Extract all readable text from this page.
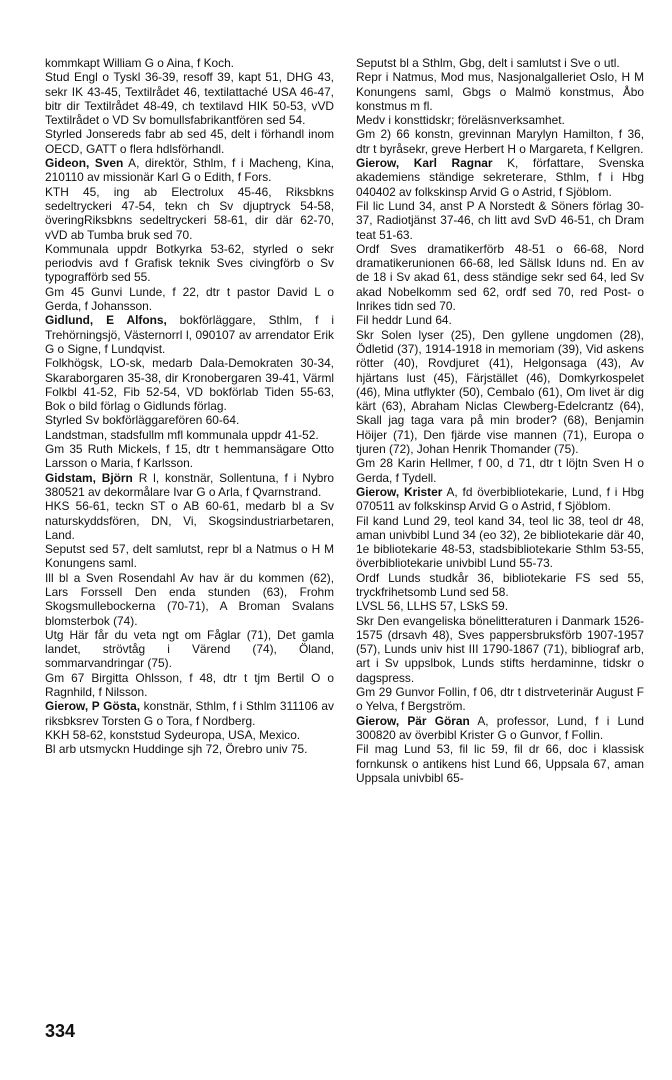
kommkapt William G o Aina, f Koch.

Stud Engl o Tyskl 36-39, resoff 39, kapt 51, DHG 43, sekr IK 43-45, Textilrådet 46, textilattaché USA 46-47, bitr dir Textilrådet 48-49, ch textilavd HIK 50-53, vVD Textilrådet o VD Sv bomullsfabrikantfören sed 54.

Styrled Jonsereds fabr ab sed 45, delt i förhandl inom OECD, GATT o flera hdlsförhandl.

Gideon, Sven A, direktör, Sthlm, f i Macheng, Kina, 210110 av missionär Karl G o Edith, f Fors.

KTH 45, ing ab Electrolux 45-46, Riksbkns sedeltryckeri 47-54, tekn ch Sv djuptryck 54-58, överingRiksbkns sedeltryckeri 58-61, dir där 62-70, vVD ab Tumba bruk sed 70.

Kommunala uppdr Botkyrka 53-62, styrled o sekr periodvis avd f Grafisk teknik Sves civingförb o Sv typografförb sed 55.

Gm 45 Gunvi Lunde, f 22, dtr t pastor David L o Gerda, f Johansson.

Gidlund, E Alfons, bokförläggare, Sthlm, f i Trehörningsjö, Västernorrl l, 090107 av arrendator Erik G o Signe, f Lundqvist.

Folkhögsk, LO-sk, medarb Dala-Demokraten 30-34, Skaraborgaren 35-38, dir Kronobergaren 39-41, Värml Folkbl 41-52, Fib 52-54, VD bokförlab Tiden 55-63, Bok o bild förlag o Gidlunds förlag.

Styrled Sv bokförläggarefören 60-64.

Landstman, stadsfullm mfl kommunala uppdr 41-52.

Gm 35 Ruth Mickels, f 15, dtr t hemmansägare Otto Larsson o Maria, f Karlsson.

Gidstam, Björn R l, konstnär, Sollentuna, f i Nybro 380521 av dekormålare Ivar G o Arla, f Qvarnstrand.

HKS 56-61, teckn ST o AB 60-61, medarb bl a Sv naturskyddsfören, DN, Vi, Skogsindustriarbetaren, Land.

Seputst sed 57, delt samlutst, repr bl a Natmus o H M Konungens saml.

Ill bl a Sven Rosendahl Av hav är du kommen (62), Lars Forssell Den enda stunden (63), Frohm Skogsmullebockerna (70-71), A Broman Svalans blomsterbok (74).

Utg Här får du veta ngt om Fåglar (71), Det gamla landet, strövtåg i Värend (74), Öland, sommarvandringar (75).

Gm 67 Birgitta Ohlsson, f 48, dtr t tjm Bertil O o Ragnhild, f Nilsson.

Gierow, P Gösta, konstnär, Sthlm, f i Sthlm 311106 av riksbksrev Torsten G o Tora, f Nordberg.

KKH 58-62, konststud Sydeuropa, USA, Mexico.

Bl arb utsmyckn Huddinge sjh 72, Örebro univ 75.

Seputst bl a Sthlm, Gbg, delt i samlutst i Sve o utl.

Repr i Natmus, Mod mus, Nasjonalgalleriet Oslo, H M Konungens saml, Gbgs o Malmö konstmus, Åbo konstmus m fl.

Medv i konsttidskr; föreläsnverksamhet.

Gm 2) 66 konstn, grevinnan Marylyn Hamilton, f 36, dtr t byråsekr, greve Herbert H o Margareta, f Kellgren.

Gierow, Karl Ragnar K, författare, Svenska akademiens ständige sekreterare, Sthlm, f i Hbg 040402 av folkskinsp Arvid G o Astrid, f Sjöblom.

Fil lic Lund 34, anst P A Norstedt & Söners förlag 30-37, Radiotjänst 37-46, ch litt avd SvD 46-51, ch Dram teat 51-63.

Ordf Sves dramatikerförb 48-51 o 66-68, Nord dramatikerunionen 66-68, led Sällsk Iduns nd. En av de 18 i Sv akad 61, dess ständige sekr sed 64, led Sv akad Nobelkomm sed 62, ordf sed 70, red Post- o Inrikes tidn sed 70.

Fil heddr Lund 64.

Skr Solen lyser (25), Den gyllene ungdomen (28), Ödletid (37), 1914-1918 in memoriam (39), Vid askens rötter (40), Rovdjuret (41), Helgonsaga (43), Av hjärtans lust (45), Färjstället (46), Domkyrkospelet (46), Mina utflykter (50), Cembalo (61), Om livet är dig kärt (63), Abraham Niclas Clewberg-Edelcrantz (64), Skall jag taga vara på min broder? (68), Benjamin Höijer (71), Den fjärde vise mannen (71), Europa o tjuren (72), Johan Henrik Thomander (75).

Gm 28 Karin Hellmer, f 00, d 71, dtr t löjtn Sven H o Gerda, f Tydell.

Gierow, Krister A, fd överbibliotekarie, Lund, f i Hbg 070511 av folkskinsp Arvid G o Astrid, f Sjöblom.

Fil kand Lund 29, teol kand 34, teol lic 38, teol dr 48, aman univbibl Lund 34 (eo 32), 2e bibliotekarie där 40, 1e bibliotekarie 48-53, stadsbibliotekarie Sthlm 53-55, överbibliotekarie univbibl Lund 55-73.

Ordf Lunds studkår 36, bibliotekarie FS sed 55, tryckfrihetsomb Lund sed 58.

LVSL 56, LLHS 57, LSkS 59.

Skr Den evangeliska bönelitteraturen i Danmark 1526-1575 (drsavh 48), Sves pappersbruksförb 1907-1957 (57), Lunds univ hist III 1790-1867 (71), bibliograf arb, art i Sv uppslbok, Lunds stifts herdaminne, tidskr o dagspress.

Gm 29 Gunvor Follin, f 06, dtr t distrveterinär August F o Yelva, f Bergström.

Gierow, Pär Göran A, professor, Lund, f i Lund 300820 av överbibl Krister G o Gunvor, f Follin.

Fil mag Lund 53, fil lic 59, fil dr 66, doc i klassisk fornkunsk o antikens hist Lund 66, Uppsala 67, aman Uppsala univbibl 65-

334
